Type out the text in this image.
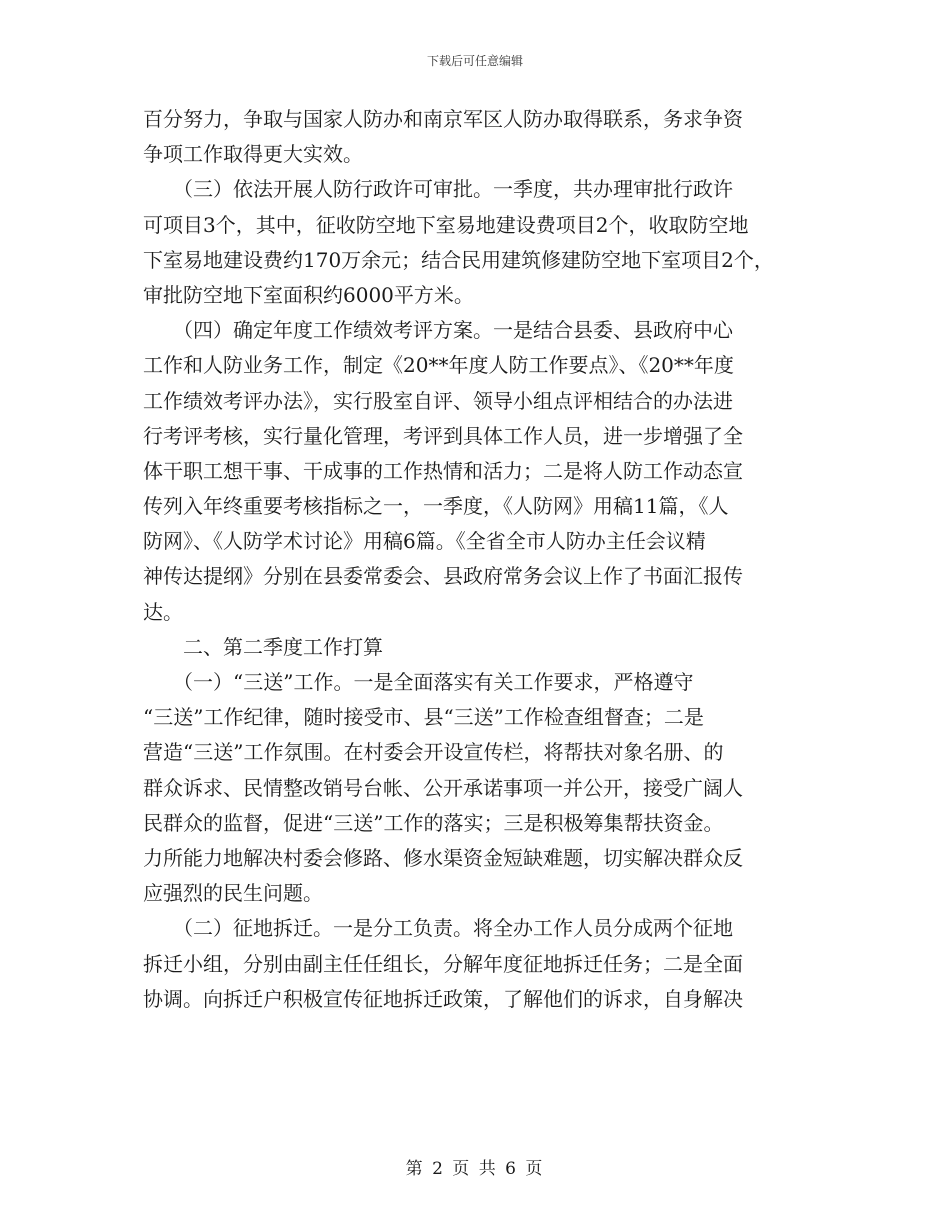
下载后可任意编辑
百分努力，争取与国家人防办和南京军区人防办取得联系，务求争资
争项工作取得更大实效。
　　（三）依法开展人防行政许可审批。一季度，共办理审批行政许
可项目3个，其中，征收防空地下室易地建设费项目2个，收取防空地
下室易地建设费约170万余元；结合民用建筑修建防空地下室项目2个，
审批防空地下室面积约6000平方米。
　　（四）确定年度工作绩效考评方案。一是结合县委、县政府中心
工作和人防业务工作，制定《20**年度人防工作要点》、《20**年度
工作绩效考评办法》，实行股室自评、领导小组点评相结合的办法进
行考评考核，实行量化管理，考评到具体工作人员，进一步增强了全
体干职工想干事、干成事的工作热情和活力；二是将人防工作动态宣
传列入年终重要考核指标之一，一季度，《人防网》用稿11篇，《人
防网》、《人防学术讨论》用稿6篇。《全省全市人防办主任会议精
神传达提纲》分别在县委常委会、县政府常务会议上作了书面汇报传
达。
　　二、第二季度工作打算
　　（一）“三送”工作。一是全面落实有关工作要求，严格遵守
“三送”工作纪律，随时接受市、县“三送”工作检查组督查；二是
营造“三送”工作氛围。在村委会开设宣传栏，将帮扶对象名册、的
群众诉求、民情整改销号台帐、公开承诺事项一并公开，接受广阔人
民群众的监督，促进“三送”工作的落实；三是积极筹集帮扶资金。
力所能力地解决村委会修路、修水渠资金短缺难题，切实解决群众反
应强烈的民生问题。
　　（二）征地拆迁。一是分工负责。将全办工作人员分成两个征地
拆迁小组，分别由副主任任组长，分解年度征地拆迁任务；二是全面
协调。向拆迁户积极宣传征地拆迁政策，了解他们的诉求，自身解决
第 2 页 共 6 页
